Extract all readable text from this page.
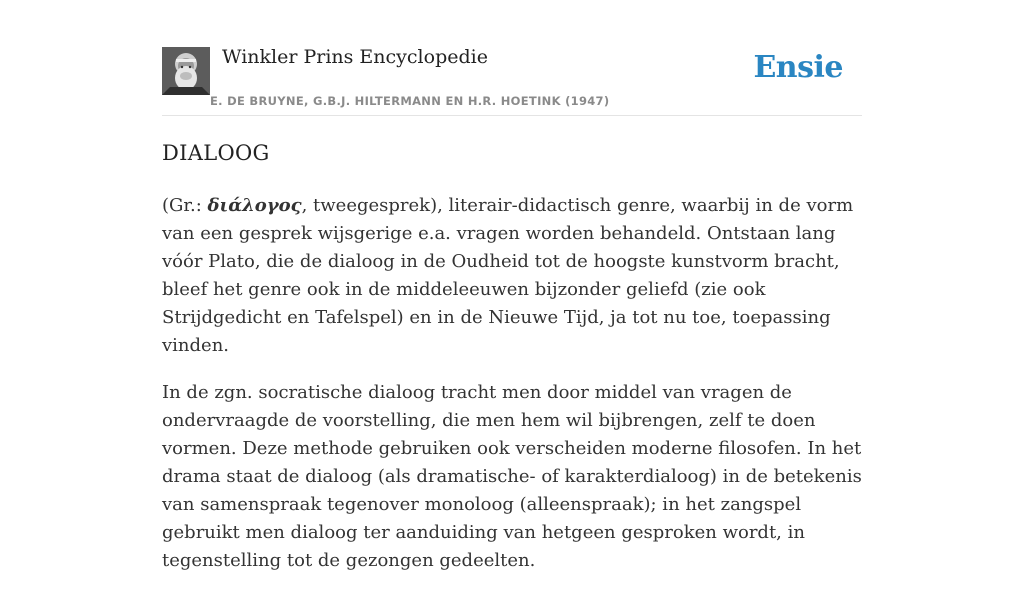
Winkler Prins Encyclopedie
E. DE BRUYNE, G.B.J. HILTERMANN EN H.R. HOETINK (1947)
Ensie
DIALOOG

(Gr.: διάλογος, tweegesprek), literair-didactisch genre, waarbij in de vorm van een gesprek wijsgerige e.a. vragen worden behandeld. Ontstaan lang vóór Plato, die de dialoog in de Oudheid tot de hoogste kunstvorm bracht, bleef het genre ook in de middeleeuwen bijzonder geliefd (zie ook Strijdgedicht en Tafelspel) en in de Nieuwe Tijd, ja tot nu toe, toepassing vinden.

In de zgn. socratische dialoog tracht men door middel van vragen de ondervraagde de voorstelling, die men hem wil bijbrengen, zelf te doen vormen. Deze methode gebruiken ook verscheiden moderne filosofen. In het drama staat de dialoog (als dramatische- of karakterdialoog) in de betekenis van samenspraak tegenover monoloog (alleenspraak); in het zangspel gebruikt men dialoog ter aanduiding van hetgeen gesproken wordt, in tegenstelling tot de gezongen gedeelten.
